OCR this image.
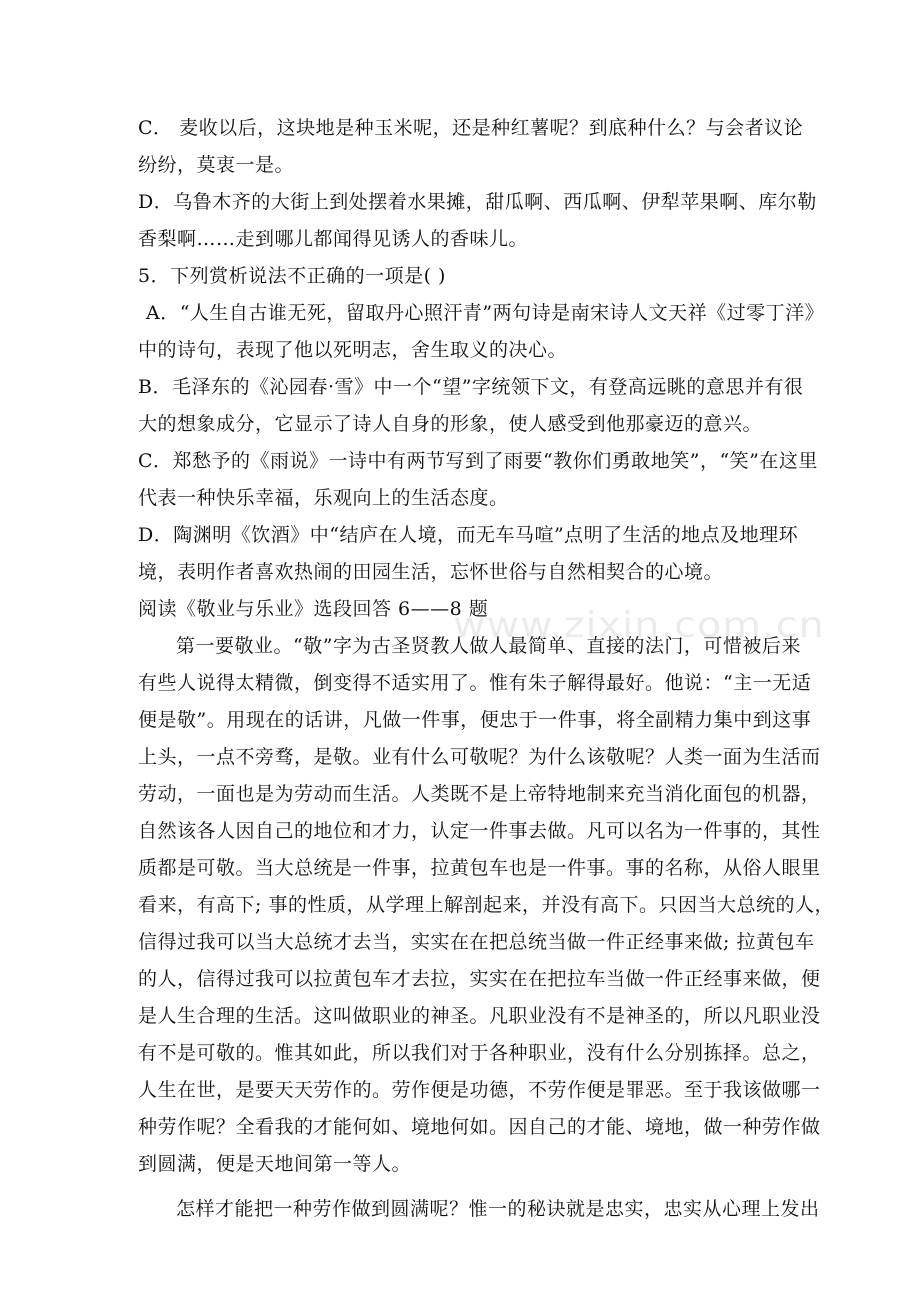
www.zixin.com.cn
C． 麦收以后，这块地是种玉米呢，还是种红薯呢？到底种什么？与会者议论
纷纷，莫衷一是。
D．乌鲁木齐的大街上到处摆着水果摊，甜瓜啊、西瓜啊、伊犁苹果啊、库尔勒
香梨啊……走到哪儿都闻得见诱人的香味儿。
5．下列赏析说法不正确的一项是( )
A．“人生自古谁无死，留取丹心照汗青”两句诗是南宋诗人文天祥《过零丁洋》
中的诗句，表现了他以死明志，舍生取义的决心。
B．毛泽东的《沁园春·雪》中一个“望”字统领下文，有登高远眺的意思并有很
大的想象成分，它显示了诗人自身的形象，使人感受到他那豪迈的意兴。
C．郑愁予的《雨说》一诗中有两节写到了雨要“教你们勇敢地笑”，“笑”在这里
代表一种快乐幸福，乐观向上的生活态度。
D．陶渊明《饮酒》中“结庐在人境，而无车马喧”点明了生活的地点及地理环
境，表明作者喜欢热闹的田园生活，忘怀世俗与自然相契合的心境。
阅读《敬业与乐业》选段回答 6——8 题
第一要敬业。“敬”字为古圣贤教人做人最简单、直接的法门，可惜被后来
有些人说得太精微，倒变得不适实用了。惟有朱子解得最好。他说：“主一无适
便是敬”。用现在的话讲，凡做一件事，便忠于一件事，将全副精力集中到这事
上头，一点不旁骛，是敬。业有什么可敬呢？为什么该敬呢？人类一面为生活而
劳动，一面也是为劳动而生活。人类既不是上帝特地制来充当消化面包的机器，
自然该各人因自己的地位和才力，认定一件事去做。凡可以名为一件事的，其性
质都是可敬。当大总统是一件事，拉黄包车也是一件事。事的名称，从俗人眼里
看来，有高下; 事的性质，从学理上解剖起来，并没有高下。只因当大总统的人，
信得过我可以当大总统才去当，实实在在把总统当做一件正经事来做; 拉黄包车
的人，信得过我可以拉黄包车才去拉，实实在在把拉车当做一件正经事来做，便
是人生合理的生活。这叫做职业的神圣。凡职业没有不是神圣的，所以凡职业没
有不是可敬的。惟其如此，所以我们对于各种职业，没有什么分别拣择。总之，
人生在世，是要天天劳作的。劳作便是功德，不劳作便是罪恶。至于我该做哪一
种劳作呢？全看我的才能何如、境地何如。因自己的才能、境地，做一种劳作做
到圆满，便是天地间第一等人。
怎样才能把一种劳作做到圆满呢？惟一的秘诀就是忠实，忠实从心理上发出
